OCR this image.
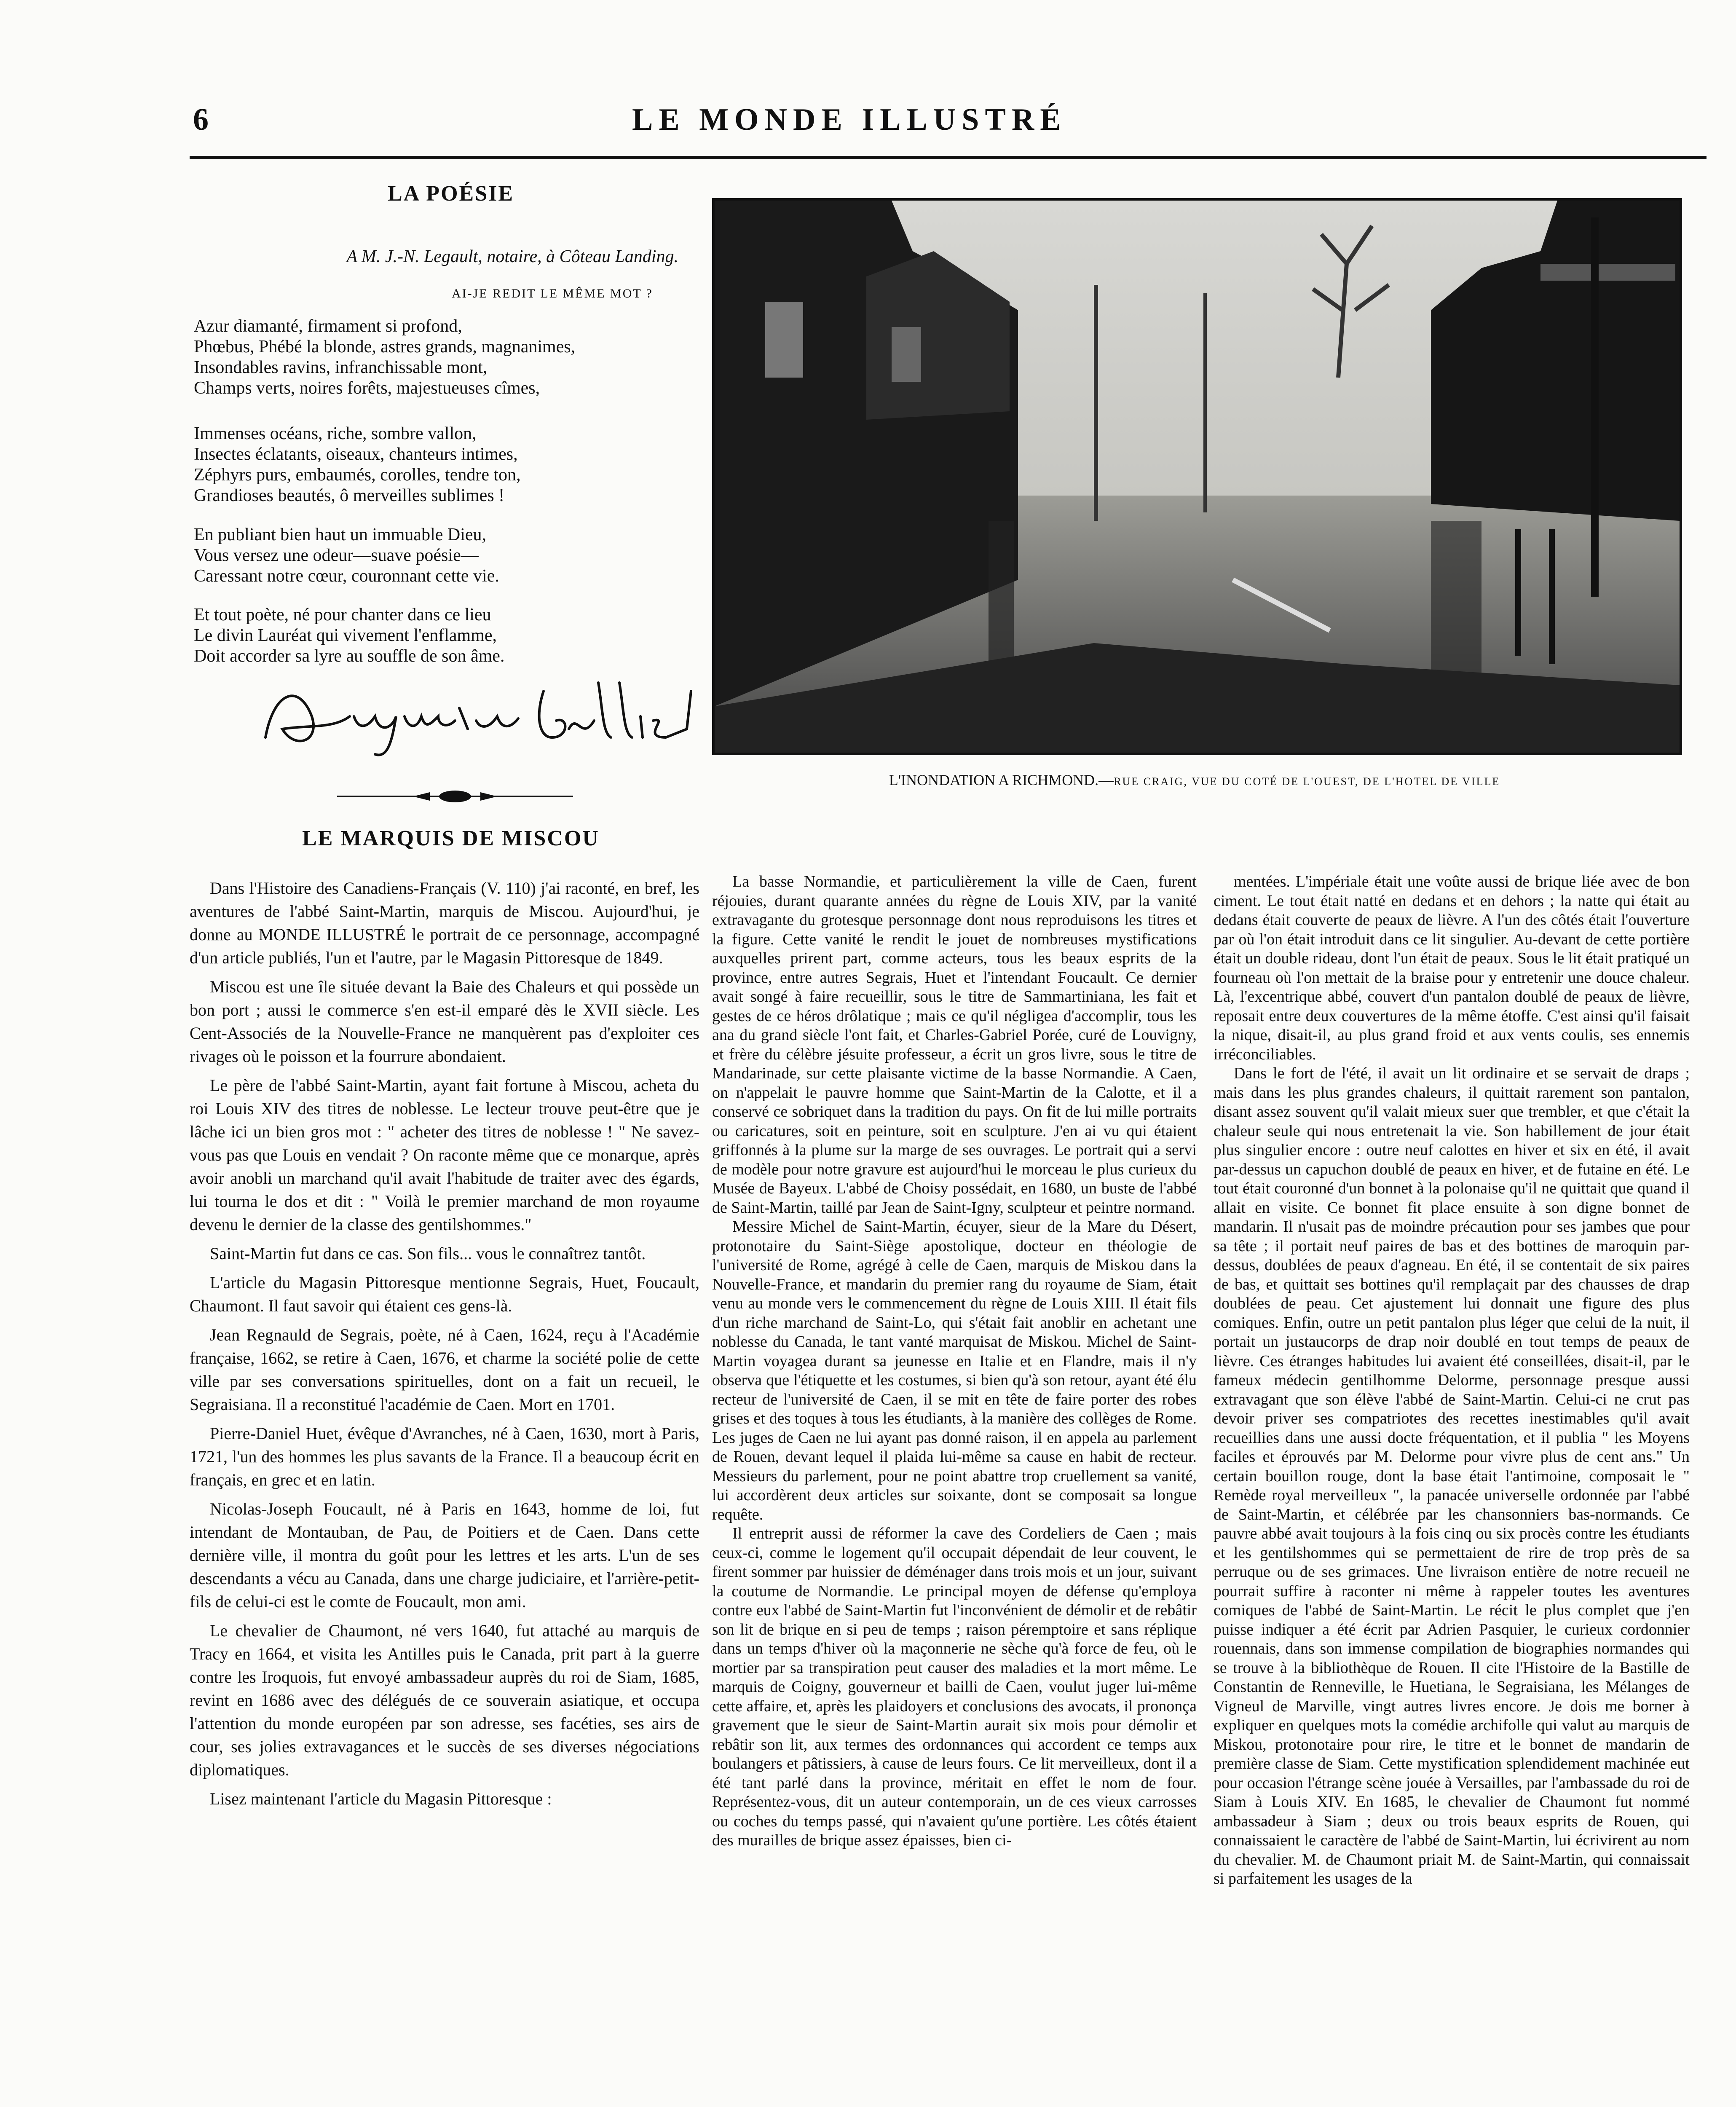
6	LE MONDE ILLUSTRÉ
LA POÉSIE
A M. J.-N. Legault, notaire, à Côteau Landing.
AI-JE REDIT LE MÊME MOT ?
Azur diamanté, firmament si profond,
Phœbus, Phébé la blonde, astres grands, magnanimes,
Insondables ravins, infranchissable mont,
Champs verts, noires forêts, majestueuses cîmes,
Immenses océans, riche, sombre vallon,
Insectes éclatants, oiseaux, chanteurs intimes,
Zéphyrs purs, embaumés, corolles, tendre ton,
Grandioses beautés, ô merveilles sublimes !
En publiant bien haut un immuable Dieu,
Vous versez une odeur—suave poésie—
Caressant notre cœur, couronnant cette vie.
Et tout poète, né pour chanter dans ce lieu
Le divin Lauréat qui vivement l'enflamme,
Doit accorder sa lyre au souffle de son âme.
L'INONDATION A RICHMOND.—RUE CRAIG, VUE DU COTÉ DE L'OUEST, DE L'HOTEL DE VILLE
LE MARQUIS DE MISCOU

Dans l'Histoire des Canadiens-Français (V. 110) j'ai raconté, en bref, les aventures de l'abbé Saint-Martin, marquis de Miscou. Aujourd'hui, je donne au MONDE ILLUSTRÉ le portrait de ce personnage, accompagné d'un article publiés, l'un et l'autre, par le Magasin Pittoresque de 1849.

Miscou est une île située devant la Baie des Chaleurs et qui possède un bon port ; aussi le commerce s'en est-il emparé dès le XVII siècle. Les Cent-Associés de la Nouvelle-France ne manquèrent pas d'exploiter ces rivages où le poisson et la fourrure abondaient.

Le père de l'abbé Saint-Martin, ayant fait fortune à Miscou, acheta du roi Louis XIV des titres de noblesse. Le lecteur trouve peut-être que je lâche ici un bien gros mot : " acheter des titres de noblesse ! " Ne savez-vous pas que Louis en vendait ? On raconte même que ce monarque, après avoir anobli un marchand qu'il avait l'habitude de traiter avec des égards, lui tourna le dos et dit : " Voilà le premier marchand de mon royaume devenu le dernier de la classe des gentilshommes."

Saint-Martin fut dans ce cas. Son fils... vous le connaîtrez tantôt.

L'article du Magasin Pittoresque mentionne Segrais, Huet, Foucault, Chaumont. Il faut savoir qui étaient ces gens-là.

Jean Regnauld de Segrais, poète, né à Caen, 1624, reçu à l'Académie française, 1662, se retire à Caen, 1676, et charme la société polie de cette ville par ses conversations spirituelles, dont on a fait un recueil, le Segraisiana. Il a reconstitué l'académie de Caen. Mort en 1701.

Pierre-Daniel Huet, évêque d'Avranches, né à Caen, 1630, mort à Paris, 1721, l'un des hommes les plus savants de la France. Il a beaucoup écrit en français, en grec et en latin.

Nicolas-Joseph Foucault, né à Paris en 1643, homme de loi, fut intendant de Montauban, de Pau, de Poitiers et de Caen. Dans cette dernière ville, il montra du goût pour les lettres et les arts. L'un de ses descendants a vécu au Canada, dans une charge judiciaire, et l'arrière-petit-fils de celui-ci est le comte de Foucault, mon ami.

Le chevalier de Chaumont, né vers 1640, fut attaché au marquis de Tracy en 1664, et visita les Antilles puis le Canada, prit part à la guerre contre les Iroquois, fut envoyé ambassadeur auprès du roi de Siam, 1685, revint en 1686 avec des délégués de ce souverain asiatique, et occupa l'attention du monde européen par son adresse, ses facéties, ses airs de cour, ses jolies extravagances et le succès de ses diverses négociations diplomatiques.

Lisez maintenant l'article du Magasin Pittoresque :

La basse Normandie, et particulièrement la ville de Caen, furent réjouies, durant quarante années du règne de Louis XIV, par la vanité extravagante du grotesque personnage dont nous reproduisons les titres et la figure. Cette vanité le rendit le jouet de nombreuses mystifications auxquelles prirent part, comme acteurs, tous les beaux esprits de la province, entre autres Segrais, Huet et l'intendant Foucault. Ce dernier avait songé à faire recueillir, sous le titre de Sammartiniana, les fait et gestes de ce héros drôlatique ; mais ce qu'il négligea d'accomplir, tous les ana du grand siècle l'ont fait, et Charles-Gabriel Porée, curé de Louvigny, et frère du célèbre jésuite professeur, a écrit un gros livre, sous le titre de Mandarinade, sur cette plaisante victime de la basse Normandie. A Caen, on n'appelait le pauvre homme que Saint-Martin de la Calotte, et il a conservé ce sobriquet dans la tradition du pays. On fit de lui mille portraits ou caricatures, soit en peinture, soit en sculpture. J'en ai vu qui étaient griffonnés à la plume sur la marge de ses ouvrages. Le portrait qui a servi de modèle pour notre gravure est aujourd'hui le morceau le plus curieux du Musée de Bayeux. L'abbé de Choisy possédait, en 1680, un buste de l'abbé de Saint-Martin, taillé par Jean de Saint-Igny, sculpteur et peintre normand.

Messire Michel de Saint-Martin, écuyer, sieur de la Mare du Désert, protonotaire du Saint-Siège apostolique, docteur en théologie de l'université de Rome, agrégé à celle de Caen, marquis de Miskou dans la Nouvelle-France, et mandarin du premier rang du royaume de Siam, était venu au monde vers le commencement du règne de Louis XIII. Il était fils d'un riche marchand de Saint-Lo, qui s'était fait anoblir en achetant une noblesse du Canada, le tant vanté marquisat de Miskou. Michel de Saint-Martin voyagea durant sa jeunesse en Italie et en Flandre, mais il n'y observa que l'étiquette et les costumes, si bien qu'à son retour, ayant été élu recteur de l'université de Caen, il se mit en tête de faire porter des robes grises et des toques à tous les étudiants, à la manière des collèges de Rome. Les juges de Caen ne lui ayant pas donné raison, il en appela au parlement de Rouen, devant lequel il plaida lui-même sa cause en habit de recteur. Messieurs du parlement, pour ne point abattre trop cruellement sa vanité, lui accordèrent deux articles sur soixante, dont se composait sa longue requête.

Il entreprit aussi de réformer la cave des Cordeliers de Caen ; mais ceux-ci, comme le logement qu'il occupait dépendait de leur couvent, le firent sommer par huissier de déménager dans trois mois et un jour, suivant la coutume de Normandie. Le principal moyen de défense qu'employa contre eux l'abbé de Saint-Martin fut l'inconvénient de démolir et de rebâtir son lit de brique en si peu de temps ; raison péremptoire et sans réplique dans un temps d'hiver où la maçonnerie ne sèche qu'à force de feu, où le mortier par sa transpiration peut causer des maladies et la mort même. Le marquis de Coigny, gouverneur et bailli de Caen, voulut juger lui-même cette affaire, et, après les plaidoyers et conclusions des avocats, il prononça gravement que le sieur de Saint-Martin aurait six mois pour démolir et rebâtir son lit, aux termes des ordonnances qui accordent ce temps aux boulangers et pâtissiers, à cause de leurs fours. Ce lit merveilleux, dont il a été tant parlé dans la province, méritait en effet le nom de four. Représentez-vous, dit un auteur contemporain, un de ces vieux carrosses ou coches du temps passé, qui n'avaient qu'une portière. Les côtés étaient des murailles de brique assez épaisses, bien ci-

mentées. L'impériale était une voûte aussi de brique liée avec de bon ciment. Le tout était natté en dedans et en dehors ; la natte qui était au dedans était couverte de peaux de lièvre. A l'un des côtés était l'ouverture par où l'on était introduit dans ce lit singulier. Au-devant de cette portière était un double rideau, dont l'un était de peaux. Sous le lit était pratiqué un fourneau où l'on mettait de la braise pour y entretenir une douce chaleur. Là, l'excentrique abbé, couvert d'un pantalon doublé de peaux de lièvre, reposait entre deux couvertures de la même étoffe. C'est ainsi qu'il faisait la nique, disait-il, au plus grand froid et aux vents coulis, ses ennemis irréconciliables.

Dans le fort de l'été, il avait un lit ordinaire et se servait de draps ; mais dans les plus grandes chaleurs, il quittait rarement son pantalon, disant assez souvent qu'il valait mieux suer que trembler, et que c'était la chaleur seule qui nous entretenait la vie. Son habillement de jour était plus singulier encore : outre neuf calottes en hiver et six en été, il avait par-dessus un capuchon doublé de peaux en hiver, et de futaine en été. Le tout était couronné d'un bonnet à la polonaise qu'il ne quittait que quand il allait en visite. Ce bonnet fit place ensuite à son digne bonnet de mandarin. Il n'usait pas de moindre précaution pour ses jambes que pour sa tête ; il portait neuf paires de bas et des bottines de maroquin par-dessus, doublées de peaux d'agneau. En été, il se contentait de six paires de bas, et quittait ses bottines qu'il remplaçait par des chausses de drap doublées de peau. Cet ajustement lui donnait une figure des plus comiques. Enfin, outre un petit pantalon plus léger que celui de la nuit, il portait un justaucorps de drap noir doublé en tout temps de peaux de lièvre. Ces étranges habitudes lui avaient été conseillées, disait-il, par le fameux médecin gentilhomme Delorme, personnage presque aussi extravagant que son élève l'abbé de Saint-Martin. Celui-ci ne crut pas devoir priver ses compatriotes des recettes inestimables qu'il avait recueillies dans une aussi docte fréquentation, et il publia " les Moyens faciles et éprouvés par M. Delorme pour vivre plus de cent ans." Un certain bouillon rouge, dont la base était l'antimoine, composait le " Remède royal merveilleux ", la panacée universelle ordonnée par l'abbé de Saint-Martin, et célébrée par les chansonniers bas-normands. Ce pauvre abbé avait toujours à la fois cinq ou six procès contre les étudiants et les gentilshommes qui se permettaient de rire de trop près de sa perruque ou de ses grimaces. Une livraison entière de notre recueil ne pourrait suffire à raconter ni même à rappeler toutes les aventures comiques de l'abbé de Saint-Martin. Le récit le plus complet que j'en puisse indiquer a été écrit par Adrien Pasquier, le curieux cordonnier rouennais, dans son immense compilation de biographies normandes qui se trouve à la bibliothèque de Rouen. Il cite l'Histoire de la Bastille de Constantin de Renneville, le Huetiana, le Segraisiana, les Mélanges de Vigneul de Marville, vingt autres livres encore. Je dois me borner à expliquer en quelques mots la comédie archifolle qui valut au marquis de Miskou, protonotaire pour rire, le titre et le bonnet de mandarin de première classe de Siam. Cette mystification splendidement machinée eut pour occasion l'étrange scène jouée à Versailles, par l'ambassade du roi de Siam à Louis XIV. En 1685, le chevalier de Chaumont fut nommé ambassadeur à Siam ; deux ou trois beaux esprits de Rouen, qui connaissaient le caractère de l'abbé de Saint-Martin, lui écrivirent au nom du chevalier. M. de Chaumont priait M. de Saint-Martin, qui connaissait si parfaitement les usages de la
